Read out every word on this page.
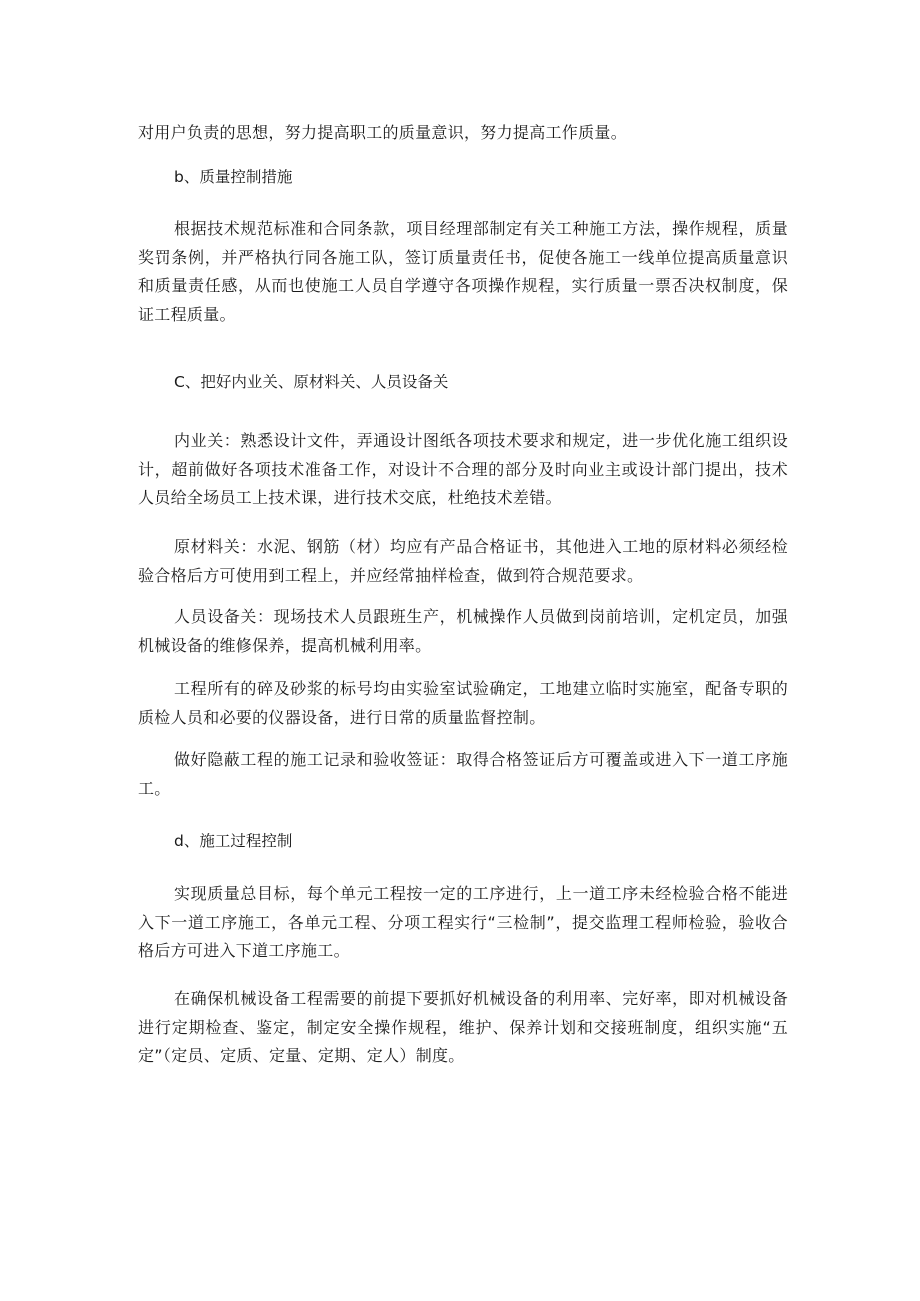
对用户负责的思想，努力提高职工的质量意识，努力提高工作质量。
b、质量控制措施
根据技术规范标准和合同条款，项目经理部制定有关工种施工方法，操作规程，质量奖罚条例，并严格执行同各施工队，签订质量责任书，促使各施工一线单位提高质量意识和质量责任感，从而也使施工人员自学遵守各项操作规程，实行质量一票否决权制度，保证工程质量。
C、把好内业关、原材料关、人员设备关
内业关：熟悉设计文件，弄通设计图纸各项技术要求和规定，进一步优化施工组织设计，超前做好各项技术准备工作，对设计不合理的部分及时向业主或设计部门提出，技术人员给全场员工上技术课，进行技术交底，杜绝技术差错。
原材料关：水泥、钢筋（材）均应有产品合格证书，其他进入工地的原材料必须经检验合格后方可使用到工程上，并应经常抽样检查，做到符合规范要求。
人员设备关：现场技术人员跟班生产，机械操作人员做到岗前培训，定机定员，加强机械设备的维修保养，提高机械利用率。
工程所有的碎及砂浆的标号均由实验室试验确定，工地建立临时实施室，配备专职的质检人员和必要的仪器设备，进行日常的质量监督控制。
做好隐蔽工程的施工记录和验收签证：取得合格签证后方可覆盖或进入下一道工序施工。
d、施工过程控制
实现质量总目标，每个单元工程按一定的工序进行，上一道工序未经检验合格不能进入下一道工序施工，各单元工程、分项工程实行“三检制”，提交监理工程师检验，验收合格后方可进入下道工序施工。
在确保机械设备工程需要的前提下要抓好机械设备的利用率、完好率，即对机械设备进行定期检查、鉴定，制定安全操作规程，维护、保养计划和交接班制度，组织实施“五定”（定员、定质、定量、定期、定人）制度。
